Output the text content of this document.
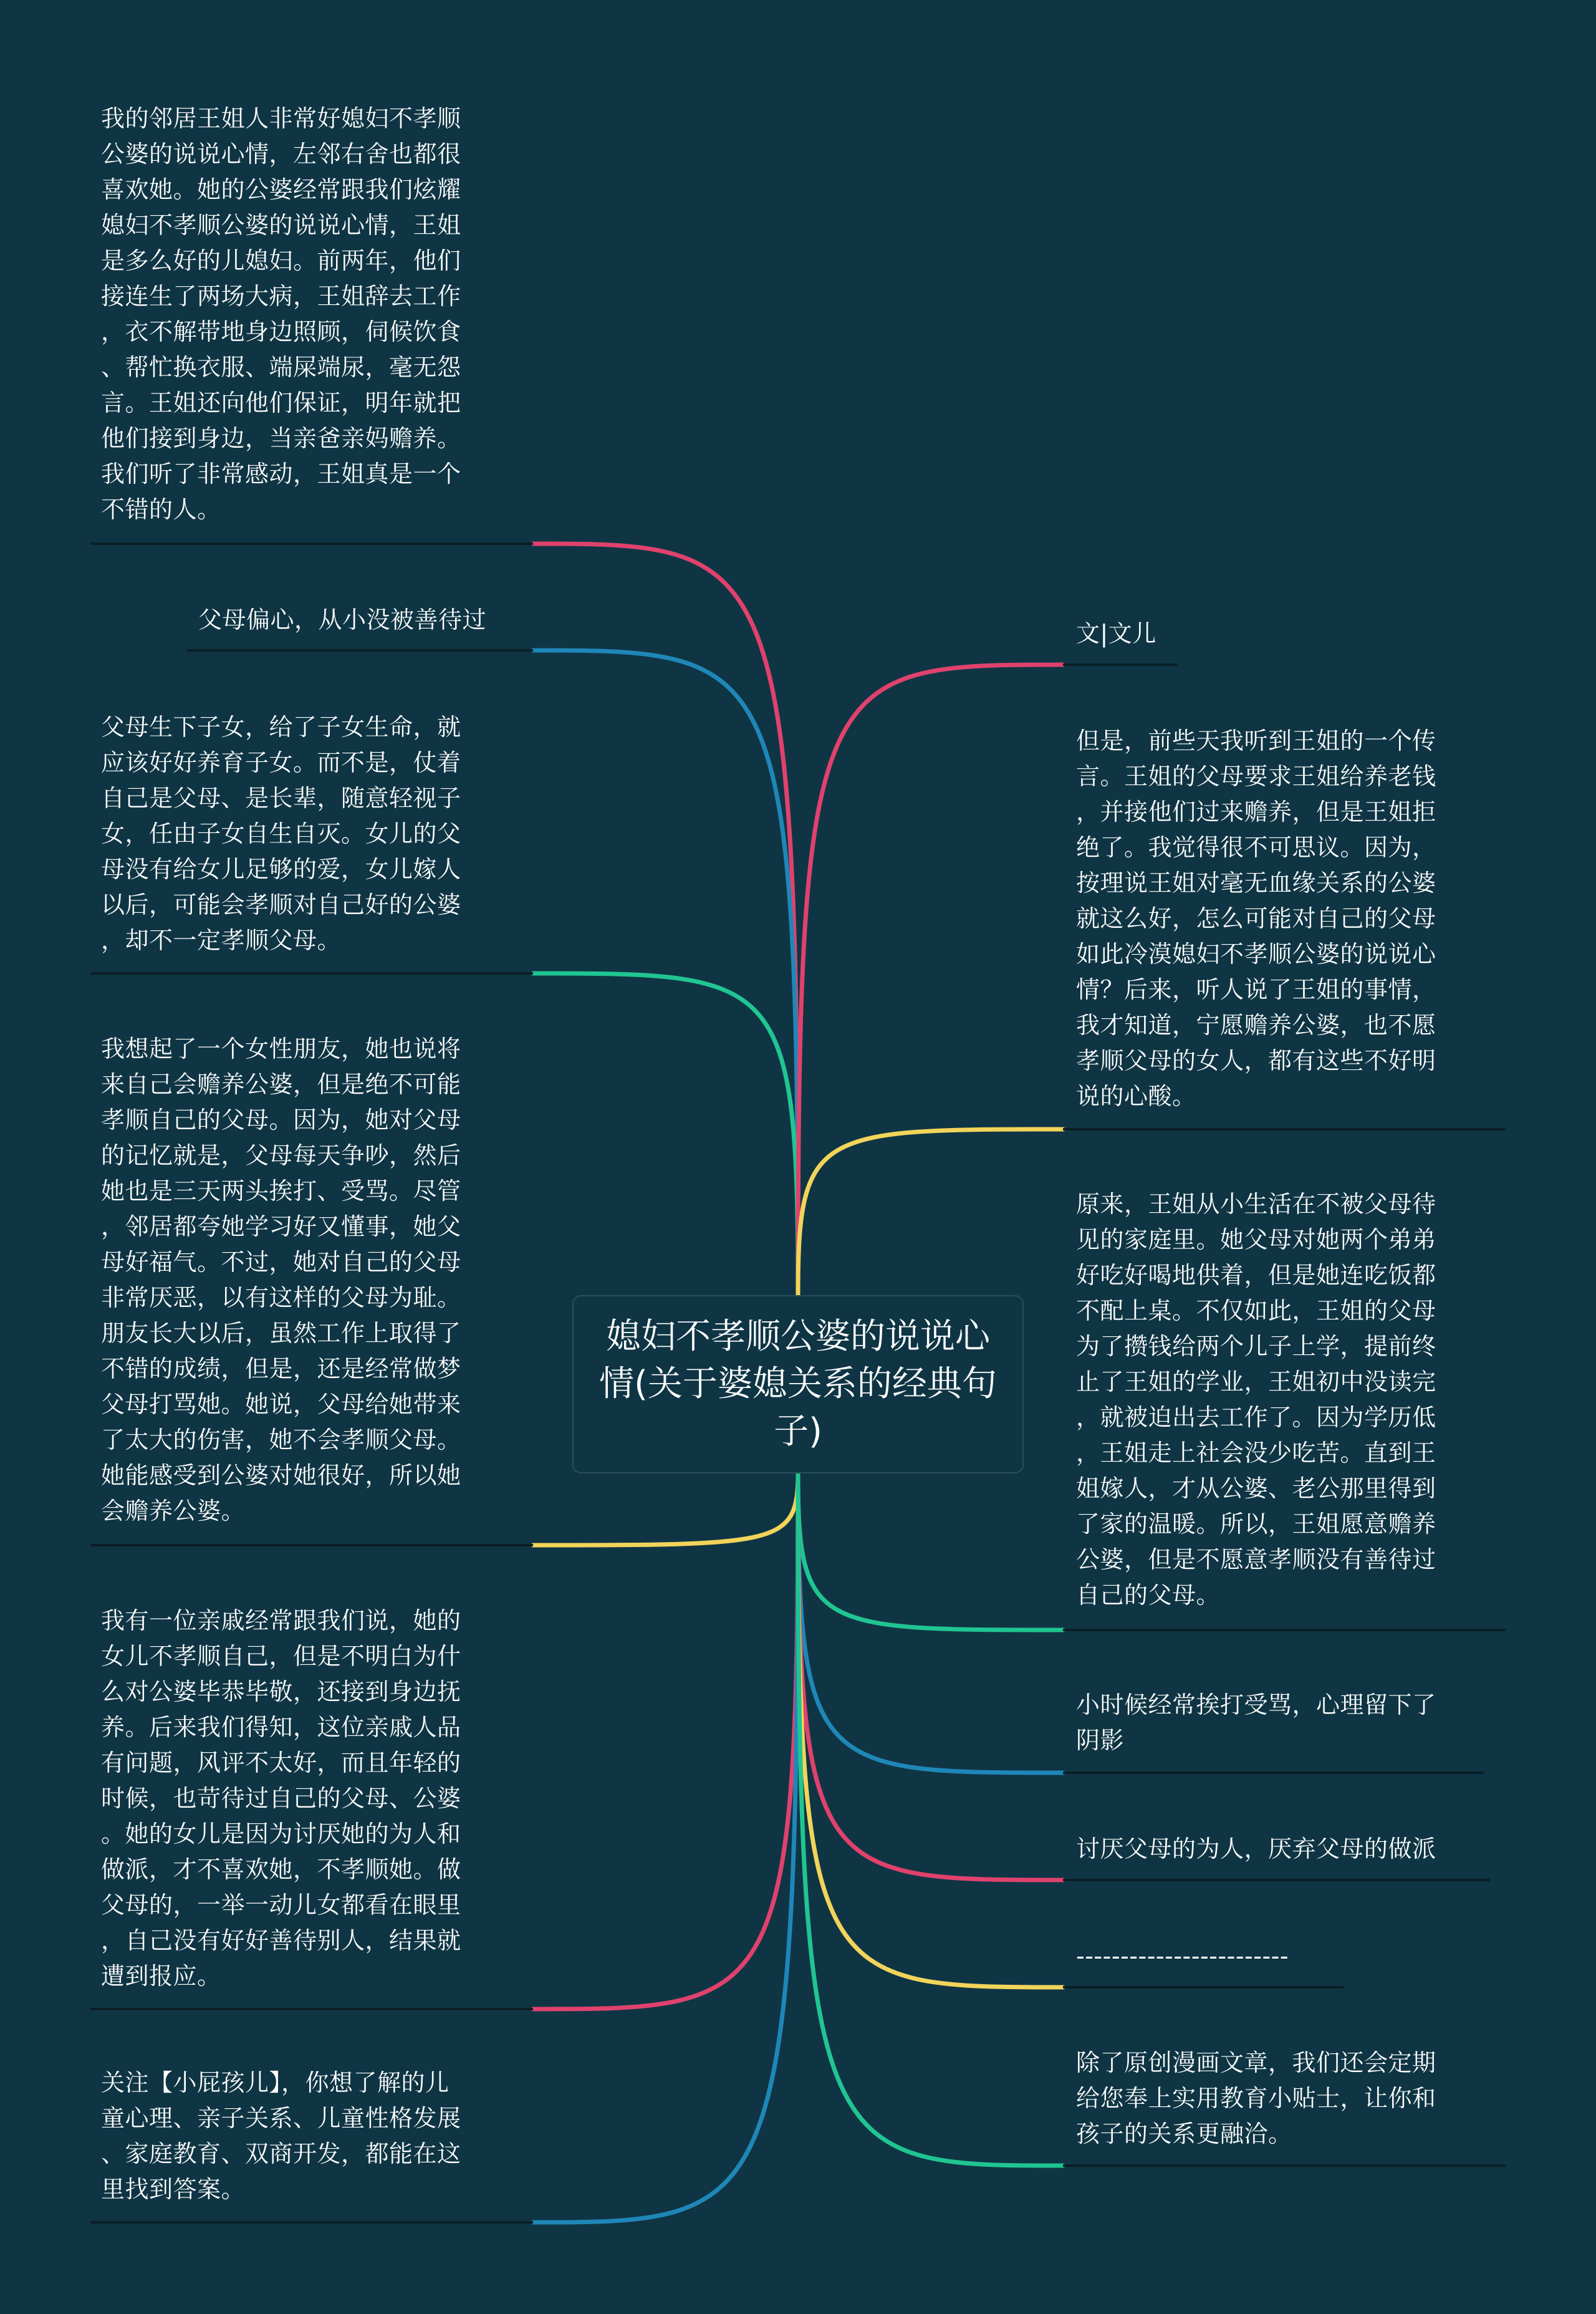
媳妇不孝顺公婆的说说心情(关于婆媳关系的经典句子)
我的邻居王姐人非常好媳妇不孝顺
公婆的说说心情，左邻右舍也都很
喜欢她。她的公婆经常跟我们炫耀
媳妇不孝顺公婆的说说心情，王姐
是多么好的儿媳妇。前两年，他们
接连生了两场大病，王姐辞去工作
，衣不解带地身边照顾，伺候饮食
、帮忙换衣服、端屎端尿，毫无怨
言。王姐还向他们保证，明年就把
他们接到身边，当亲爸亲妈赡养。
我们听了非常感动，王姐真是一个
不错的人。
父母偏心，从小没被善待过
父母生下子女，给了子女生命，就
应该好好养育子女。而不是，仗着
自己是父母、是长辈，随意轻视子
女，任由子女自生自灭。女儿的父
母没有给女儿足够的爱，女儿嫁人
以后，可能会孝顺对自己好的公婆
，却不一定孝顺父母。
我想起了一个女性朋友，她也说将
来自己会赡养公婆，但是绝不可能
孝顺自己的父母。因为，她对父母
的记忆就是，父母每天争吵，然后
她也是三天两头挨打、受骂。尽管
，邻居都夸她学习好又懂事，她父
母好福气。不过，她对自己的父母
非常厌恶，以有这样的父母为耻。
朋友长大以后，虽然工作上取得了
不错的成绩，但是，还是经常做梦
父母打骂她。她说，父母给她带来
了太大的伤害，她不会孝顺父母。
她能感受到公婆对她很好，所以她
会赡养公婆。
我有一位亲戚经常跟我们说，她的
女儿不孝顺自己，但是不明白为什
么对公婆毕恭毕敬，还接到身边抚
养。后来我们得知，这位亲戚人品
有问题，风评不太好，而且年轻的
时候，也苛待过自己的父母、公婆
。她的女儿是因为讨厌她的为人和
做派，才不喜欢她，不孝顺她。做
父母的，一举一动儿女都看在眼里
，自己没有好好善待别人，结果就
遭到报应。
关注【小屁孩儿】，你想了解的儿
童心理、亲子关系、儿童性格发展
、家庭教育、双商开发，都能在这
里找到答案。
文|文儿
但是，前些天我听到王姐的一个传
言。王姐的父母要求王姐给养老钱
，并接他们过来赡养，但是王姐拒
绝了。我觉得很不可思议。因为，
按理说王姐对毫无血缘关系的公婆
就这么好，怎么可能对自己的父母
如此冷漠媳妇不孝顺公婆的说说心
情？后来，听人说了王姐的事情，
我才知道，宁愿赡养公婆，也不愿
孝顺父母的女人，都有这些不好明
说的心酸。
原来，王姐从小生活在不被父母待
见的家庭里。她父母对她两个弟弟
好吃好喝地供着，但是她连吃饭都
不配上桌。不仅如此，王姐的父母
为了攒钱给两个儿子上学，提前终
止了王姐的学业，王姐初中没读完
，就被迫出去工作了。因为学历低
，王姐走上社会没少吃苦。直到王
姐嫁人，才从公婆、老公那里得到
了家的温暖。所以，王姐愿意赡养
公婆，但是不愿意孝顺没有善待过
自己的父母。
小时候经常挨打受骂，心理留下了
阴影
讨厌父母的为人，厌弃父母的做派
------------------------
除了原创漫画文章，我们还会定期
给您奉上实用教育小贴士，让你和
孩子的关系更融洽。
